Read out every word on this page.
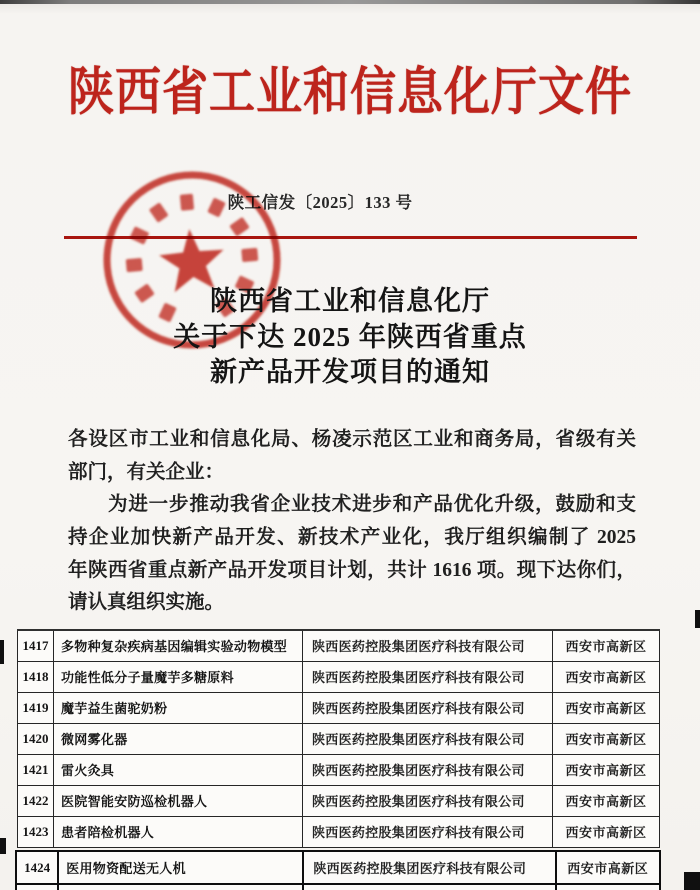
陕西省工业和信息化厅文件
陕工信发〔2025〕133 号
陕西省工业和信息化厅
关于下达 2025 年陕西省重点
新产品开发项目的通知
各设区市工业和信息化局、杨凌示范区工业和商务局，省级有关
部门，有关企业：
为进一步推动我省企业技术进步和产品优化升级，鼓励和支
持企业加快新产品开发、新技术产业化，我厅组织编制了 2025
年陕西省重点新产品开发项目计划，共计 1616 项。现下达你们，
请认真组织实施。
1417	多物种复杂疾病基因编辑实验动物模型	陕西医药控股集团医疗科技有限公司	西安市高新区
1418	功能性低分子量魔芋多糖原料	陕西医药控股集团医疗科技有限公司	西安市高新区
1419	魔芋益生菌驼奶粉	陕西医药控股集团医疗科技有限公司	西安市高新区
1420	微网雾化器	陕西医药控股集团医疗科技有限公司	西安市高新区
1421	雷火灸具	陕西医药控股集团医疗科技有限公司	西安市高新区
1422	医院智能安防巡检机器人	陕西医药控股集团医疗科技有限公司	西安市高新区
1423	患者陪检机器人	陕西医药控股集团医疗科技有限公司	西安市高新区
1424	医用物资配送无人机	陕西医药控股集团医疗科技有限公司	西安市高新区
